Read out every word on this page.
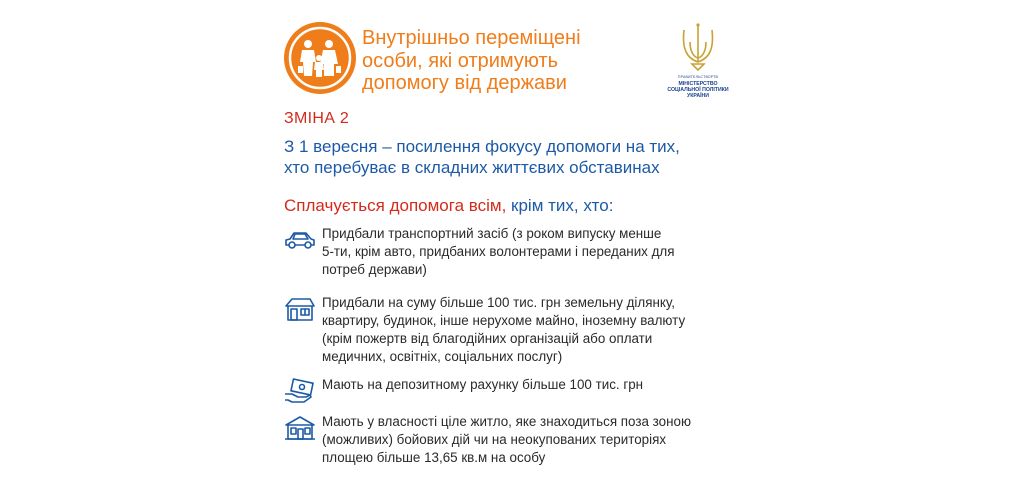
Внутрішньо переміщені
особи, які отримують
допомогу від держави	ПРАВИТЕЛЬСТВОРТВ
МІНІСТЕРСТВО
СОЦІАЛЬНОЇ ПОЛІТИКИ
УКРАЇНИ
ЗМІНА 2
З 1 вересня – посилення фокусу допомоги на тих,
хто перебуває в складних життєвих обставинах
Сплачується допомога всім, крім тих, хто:
Придбали транспортний засіб (з роком випуску менше
5-ти, крім авто, придбаних волонтерами і переданих для
потреб держави)
Придбали на суму більше 100 тис. грн земельну ділянку,
квартиру, будинок, інше нерухоме майно, іноземну валюту
(крім пожертв від благодійних організацій або оплати
медичних, освітніх, соціальних послуг)
Мають на депозитному рахунку більше 100 тис. грн
Мають у власності ціле житло, яке знаходиться поза зоною
(можливих) бойових дій чи на неокупованих територіях
площею більше 13,65 кв.м на особу
